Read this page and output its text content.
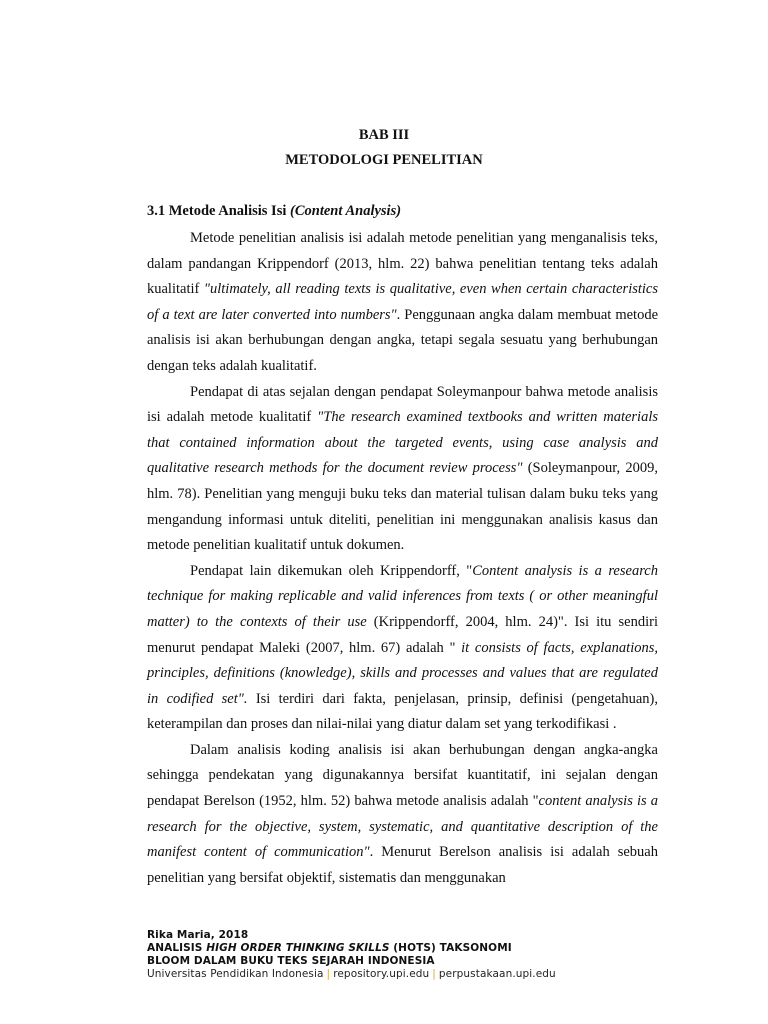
BAB III

METODOLOGI PENELITIAN

3.1 Metode Analisis Isi (Content Analysis)

Metode penelitian analisis isi adalah metode penelitian yang menganalisis teks, dalam pandangan Krippendorf (2013, hlm. 22) bahwa penelitian tentang teks adalah kualitatif "ultimately, all reading texts is qualitative, even when certain characteristics of a text are later converted into numbers". Penggunaan angka dalam membuat metode analisis isi akan berhubungan dengan angka, tetapi segala sesuatu yang berhubungan dengan teks adalah kualitatif.

Pendapat di atas sejalan dengan pendapat Soleymanpour bahwa metode analisis isi adalah metode kualitatif "The research examined textbooks and written materials that contained information about the targeted events, using case analysis and qualitative research methods for the document review process" (Soleymanpour, 2009, hlm. 78). Penelitian yang menguji buku teks dan material tulisan dalam buku teks yang mengandung informasi untuk diteliti, penelitian ini menggunakan analisis kasus dan metode penelitian kualitatif untuk dokumen.

Pendapat lain dikemukan oleh Krippendorff, "Content analysis is a research technique for making replicable and valid inferences from texts ( or other meaningful matter) to the contexts of their use (Krippendorff, 2004, hlm. 24)". Isi itu sendiri menurut pendapat Maleki (2007, hlm. 67) adalah " it consists of facts, explanations, principles, definitions (knowledge), skills and processes and values that are regulated in codified set". Isi terdiri dari fakta, penjelasan, prinsip, definisi (pengetahuan), keterampilan dan proses dan nilai-nilai yang diatur dalam set yang terkodifikasi .

Dalam analisis koding analisis isi akan berhubungan dengan angka-angka sehingga pendekatan yang digunakannya bersifat kuantitatif, ini sejalan dengan pendapat Berelson (1952, hlm. 52) bahwa metode analisis adalah "content analysis is a research for the objective, system, systematic, and quantitative description of the manifest content of communication". Menurut Berelson analisis isi adalah sebuah penelitian yang bersifat objektif, sistematis dan menggunakan

Rika Maria, 2018
ANALISIS HIGH ORDER THINKING SKILLS (HOTS) TAKSONOMI
BLOOM DALAM BUKU TEKS SEJARAH INDONESIA
Universitas Pendidikan Indonesia | repository.upi.edu | perpustakaan.upi.edu
